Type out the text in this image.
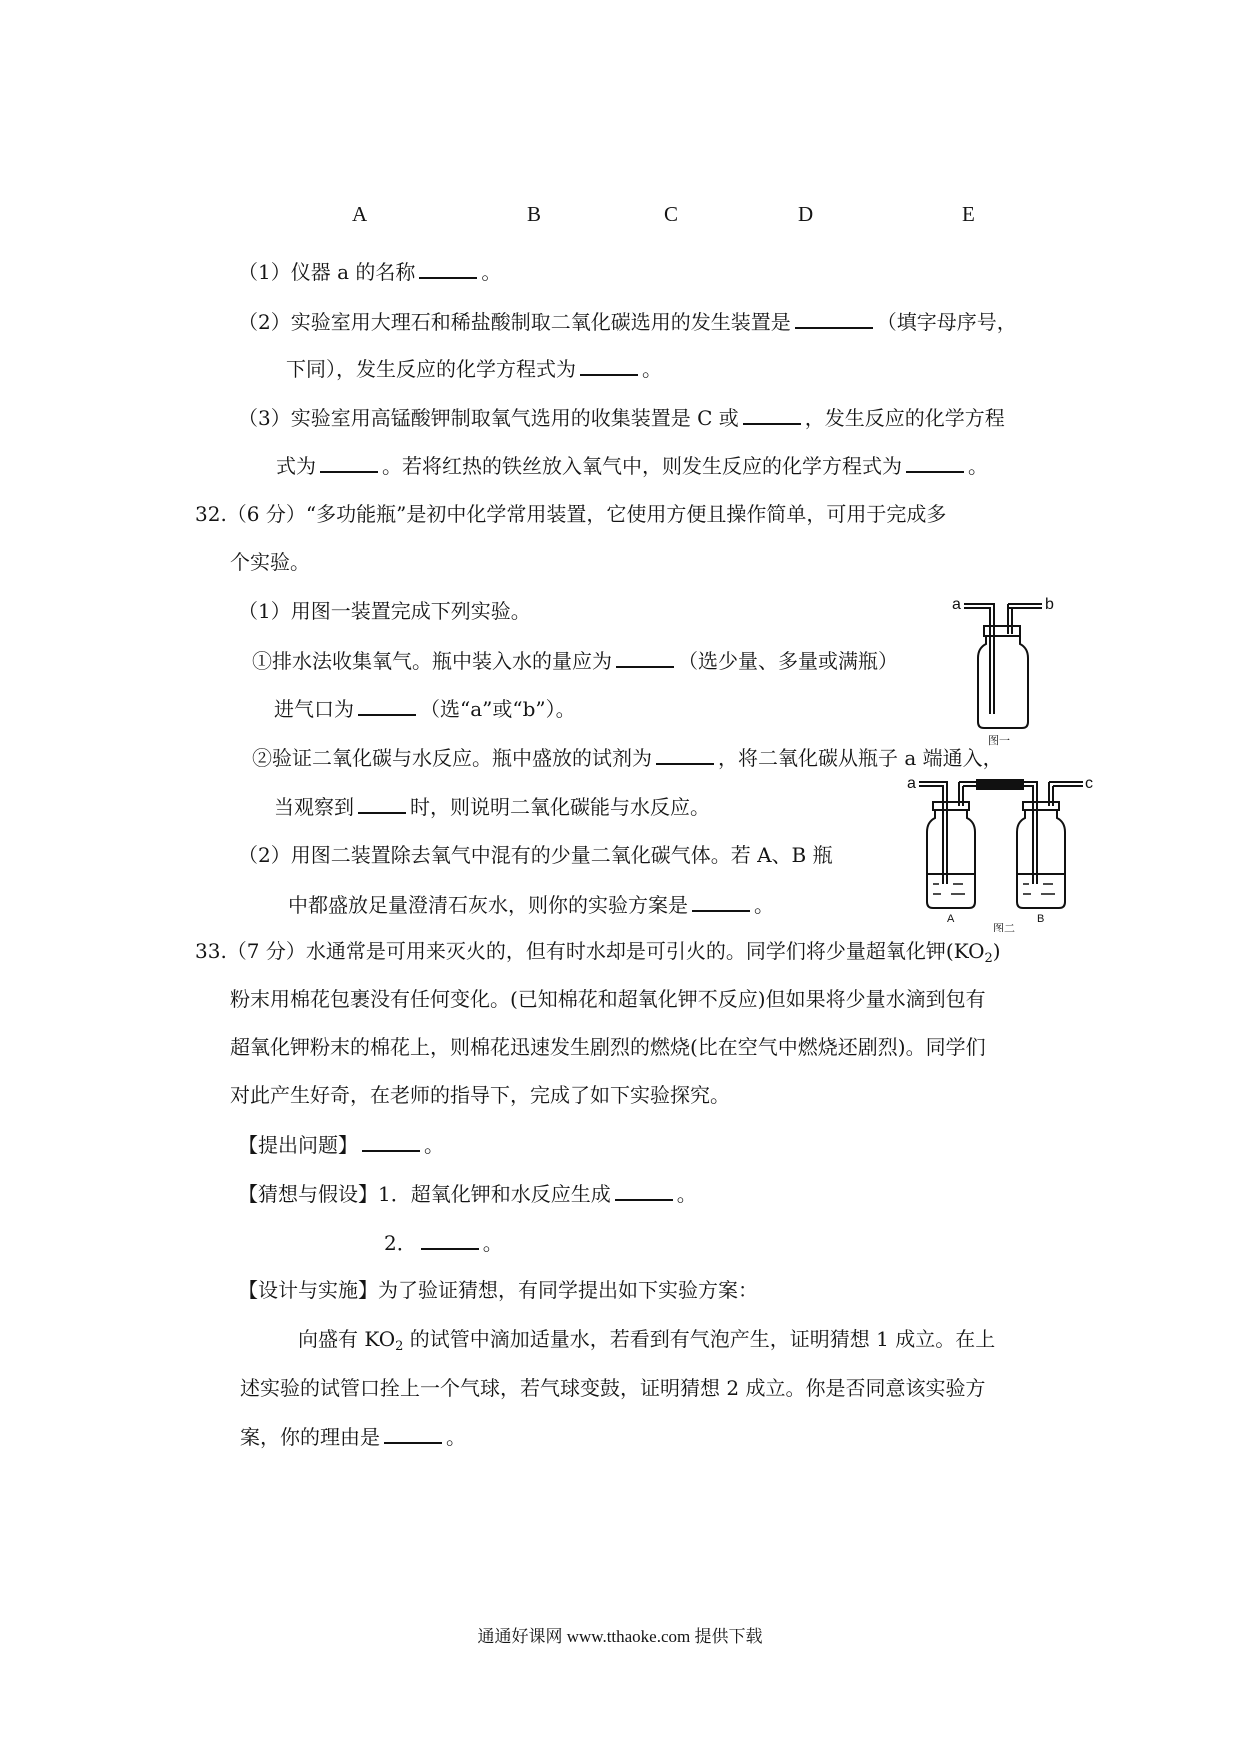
A	B	C	D	E
（1）仪器 a 的名称	。
（2）实验室用大理石和稀盐酸制取二氧化碳选用的发生装置是	（填字母序号，
下同），发生反应的化学方程式为	。
（3）实验室用高锰酸钾制取氧气选用的收集装置是 C 或	，发生反应的化学方程
式为	。若将红热的铁丝放入氧气中，则发生反应的化学方程式为	。
32.（6 分）“多功能瓶”是初中化学常用装置，它使用方便且操作简单，可用于完成多
个实验。
（1）用图一装置完成下列实验。
①排水法收集氧气。瓶中装入水的量应为	（选少量、多量或满瓶）
进气口为	（选“a”或“b”）。
②验证二氧化碳与水反应。瓶中盛放的试剂为	，将二氧化碳从瓶子 a 端通入，
当观察到	时，则说明二氧化碳能与水反应。
（2）用图二装置除去氧气中混有的少量二氧化碳气体。若 A、B 瓶
中都盛放足量澄清石灰水，则你的实验方案是	。
a	b
图一
a	c
A	B
图二
33.（7 分）水通常是可用来灭火的，但有时水却是可引火的。同学们将少量超氧化钾$(KO_2)$
粉末用棉花包裹没有任何变化。(已知棉花和超氧化钾不反应)但如果将少量水滴到包有
超氧化钾粉末的棉花上，则棉花迅速发生剧烈的燃烧(比在空气中燃烧还剧烈)。同学们
对此产生好奇，在老师的指导下，完成了如下实验探究。
【提出问题】	。
【猜想与假设】1．超氧化钾和水反应生成	。
2．	。
【设计与实施】为了验证猜想，有同学提出如下实验方案：
向盛有 $KO_2$ 的试管中滴加适量水，若看到有气泡产生，证明猜想 1 成立。在上
述实验的试管口拴上一个气球，若气球变鼓，证明猜想 2 成立。你是否同意该实验方
案，你的理由是	。
通通好课网 www.tthaoke.com 提供下载
